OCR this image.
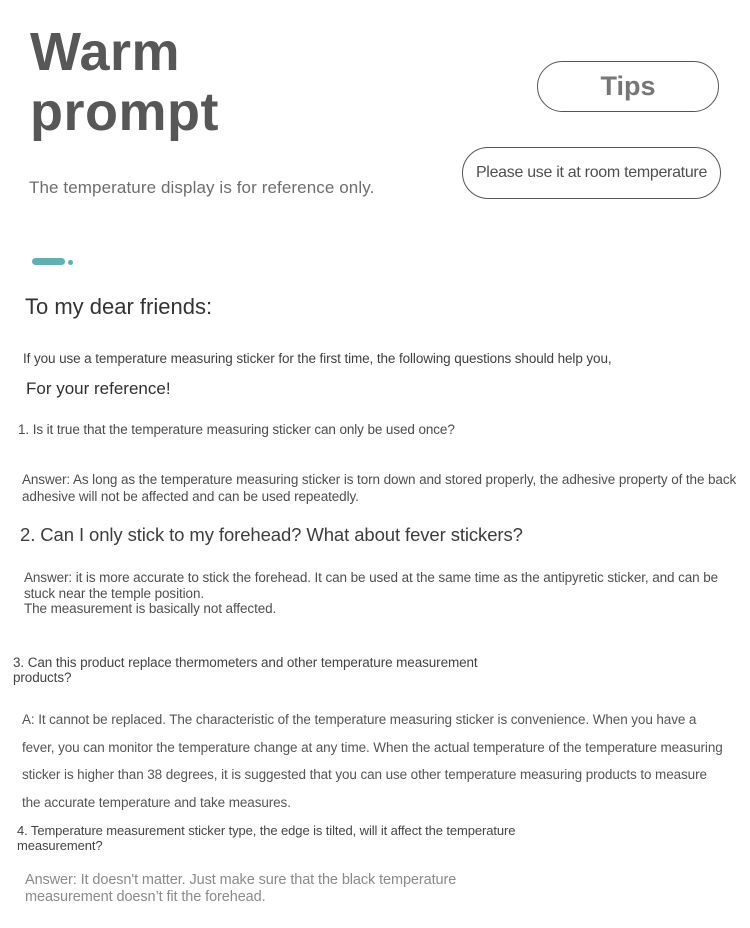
Warm prompt

The temperature display is for reference only.

Tips
Please use it at room temperature
To my dear friends:

If you use a temperature measuring sticker for the first time, the following questions should help you,

For your reference!

1. Is it true that the temperature measuring sticker can only be used once?

Answer: As long as the temperature measuring sticker is torn down and stored properly, the adhesive property of the back adhesive will not be affected and can be used repeatedly.

2. Can I only stick to my forehead? What about fever stickers?

Answer: it is more accurate to stick the forehead. It can be used at the same time as the antipyretic sticker, and can be stuck near the temple position.

The measurement is basically not affected.

3. Can this product replace thermometers and other temperature measurement products?

A: It cannot be replaced. The characteristic of the temperature measuring sticker is convenience. When you have a fever, you can monitor the temperature change at any time. When the actual temperature of the temperature measuring sticker is higher than 38 degrees, it is suggested that you can use other temperature measuring products to measure the accurate temperature and take measures.

4. Temperature measurement sticker type, the edge is tilted, will it affect the temperature measurement?

Answer: It doesn't matter. Just make sure that the black temperature measurement doesn’t fit the forehead.
